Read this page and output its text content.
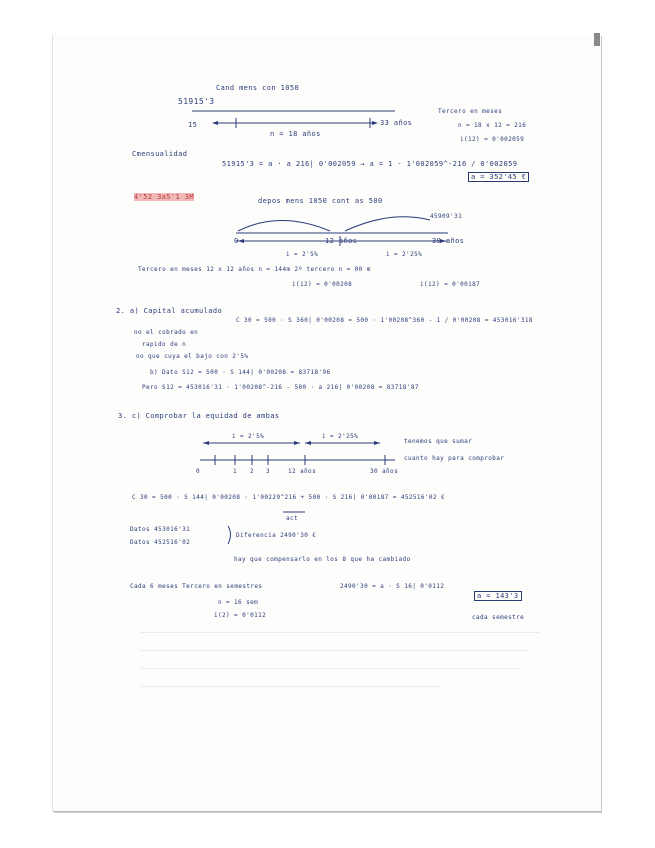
Cand mens con 1050
51915'3
15	33 años
n = 18 años
Tercero en meses
n = 18 x 12 = 216
i(12) = 0'002059
Cmensualidad
51915'3 = a · a 216| 0'002059 → a = 1 - 1'002059^-216 / 0'002059
a = 352'45 €
4'52 3a5'1 3M	depos mens 1050 cont as 500
45909'31
0	12 años	30 años
i = 2'5%	i = 2'25%
Tercero en meses 12 x 12 años n = 144m 2º tercero n = 00 m
i(12) = 0'00208	i(12) = 0'00187
2. a) Capital acumulado
C 30 = 500 · S 360| 0'00208 = 500 · 1'00208^360 - 1 / 0'00208 = 453016'318
no el cobrado en
rapido de n
no que cuya el bajo con 2'5%
b) Dato S12 = 500 · S 144| 0'00208 = 83718'96
Pero S12 = 453016'31 · 1'00208^-216 - 500 · a 216| 0'00208 = 83718'87
3. c) Comprobar la equidad de ambas
i = 2'5%	i = 2'25%
0	1 2 3	12 años	30 años
tenemos que sumar
cuanto hay para comprobar
C 30 = 500 · S 144| 0'00208 · 1'00229^216 + 500 · S 216| 0'00187 = 452516'02 €
act
Datos 453016'31
Datos 452516'02
Diferencia 2490'30 €
hay que compensarlo en los 8 que ha cambiado
Cada 6 meses Tercero en semestres	2490'30 = a · S 16| 0'0112
a = 143'3
n = 16 sem
i(2) = 0'0112	cada semestre
